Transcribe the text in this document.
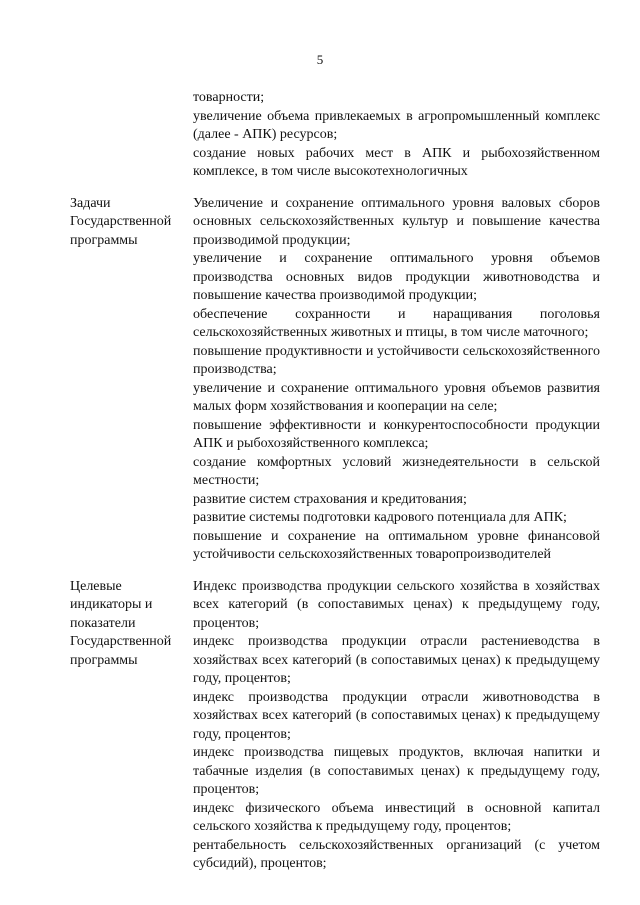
5

товарности;

увеличение объема привлекаемых в агропромышленный комплекс (далее - АПК) ресурсов;

создание новых рабочих мест в АПК и рыбохозяйственном комплексе, в том числе высокотехнологичных

Задачи
Государственной
программы

Увеличение и сохранение оптимального уровня валовых сборов основных сельскохозяйственных культур и повышение качества производимой продукции;

увеличение и сохранение оптимального уровня объемов производства основных видов продукции животноводства и повышение качества производимой продукции;

обеспечение сохранности и наращивания поголовья сельскохозяйственных животных и птицы, в том числе маточного;

повышение продуктивности и устойчивости сельскохозяйственного производства;

увеличение и сохранение оптимального уровня объемов развития малых форм хозяйствования и кооперации на селе;

повышение эффективности и конкурентоспособности продукции АПК и рыбохозяйственного комплекса;

создание комфортных условий жизнедеятельности в сельской местности;

развитие систем страхования и кредитования;

развитие системы подготовки кадрового потенциала для АПК;

повышение и сохранение на оптимальном уровне финансовой устойчивости сельскохозяйственных товаропроизводителей

Целевые
индикаторы и
показатели
Государственной
программы

Индекс производства продукции сельского хозяйства в хозяйствах всех категорий (в сопоставимых ценах) к предыдущему году, процентов;

индекс производства продукции отрасли растениеводства в хозяйствах всех категорий (в сопоставимых ценах) к предыдущему году, процентов;

индекс производства продукции отрасли животноводства в хозяйствах всех категорий (в сопоставимых ценах) к предыдущему году, процентов;

индекс производства пищевых продуктов, включая напитки и табачные изделия (в сопоставимых ценах) к предыдущему году, процентов;

индекс физического объема инвестиций в основной капитал сельского хозяйства к предыдущему году, процентов;

рентабельность сельскохозяйственных организаций (с учетом субсидий), процентов;
